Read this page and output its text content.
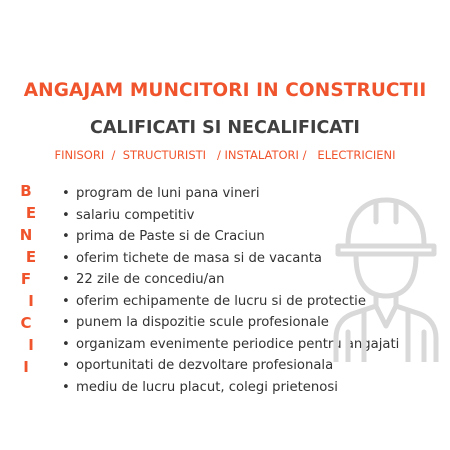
ANGAJAM MUNCITORI IN CONSTRUCTII
CALIFICATI SI NECALIFICATI
FINISORI  /  STRUCTURISTI   / INSTALATORI /   ELECTRICIENI
B
E
N
E
F
I
C
I
I
• program de luni pana vineri
• salariu competitiv
• prima de Paste si de Craciun
• oferim tichete de masa si de vacanta
• 22 zile de concediu/an
• oferim echipamente de lucru si de protectie
• punem la dispozitie scule profesionale
• organizam evenimente periodice pentru angajati
• oportunitati de dezvoltare profesionala
• mediu de lucru placut, colegi prietenosi
